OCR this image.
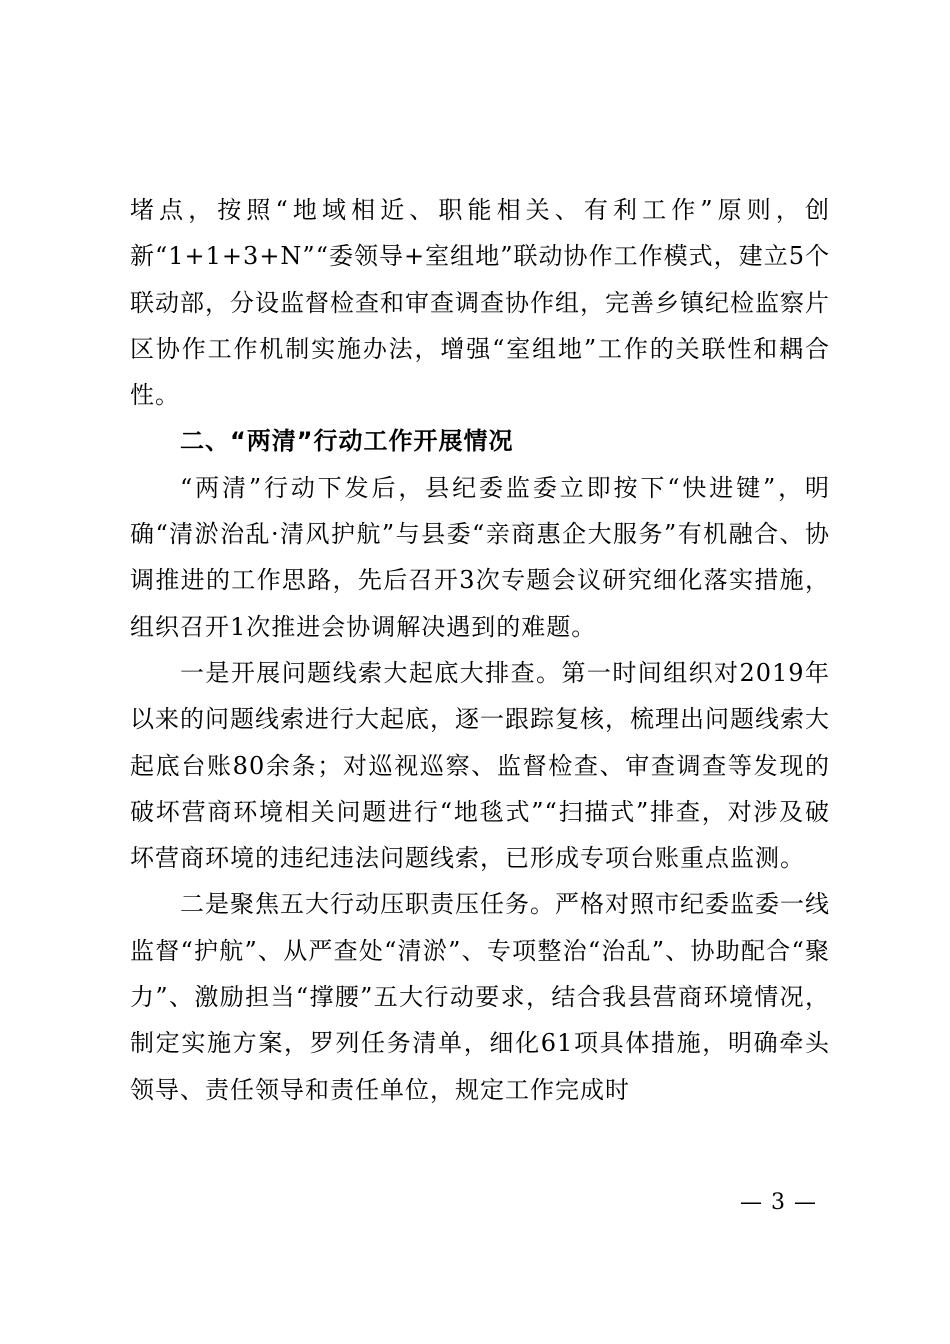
堵点，按照“地域相近、职能相关、有利工作”原则，创新“1+1+3+N”“委领导+室组地”联动协作工作模式，建立5个联动部，分设监督检查和审查调查协作组，完善乡镇纪检监察片区协作工作机制实施办法，增强“室组地”工作的关联性和耦合性。

二、“两清”行动工作开展情况

“两清”行动下发后，县纪委监委立即按下“快进键”，明确“清淤治乱·清风护航”与县委“亲商惠企大服务”有机融合、协调推进的工作思路，先后召开3次专题会议研究细化落实措施，组织召开1次推进会协调解决遇到的难题。

一是开展问题线索大起底大排查。第一时间组织对2019年以来的问题线索进行大起底，逐一跟踪复核，梳理出问题线索大起底台账80余条；对巡视巡察、监督检查、审查调查等发现的破坏营商环境相关问题进行“地毯式”“扫描式”排查，对涉及破坏营商环境的违纪违法问题线索，已形成专项台账重点监测。

二是聚焦五大行动压职责压任务。严格对照市纪委监委一线监督“护航”、从严查处“清淤”、专项整治“治乱”、协助配合“聚力”、激励担当“撑腰”五大行动要求，结合我县营商环境情况，制定实施方案，罗列任务清单，细化61项具体措施，明确牵头领导、责任领导和责任单位，规定工作完成时

— 3 —
